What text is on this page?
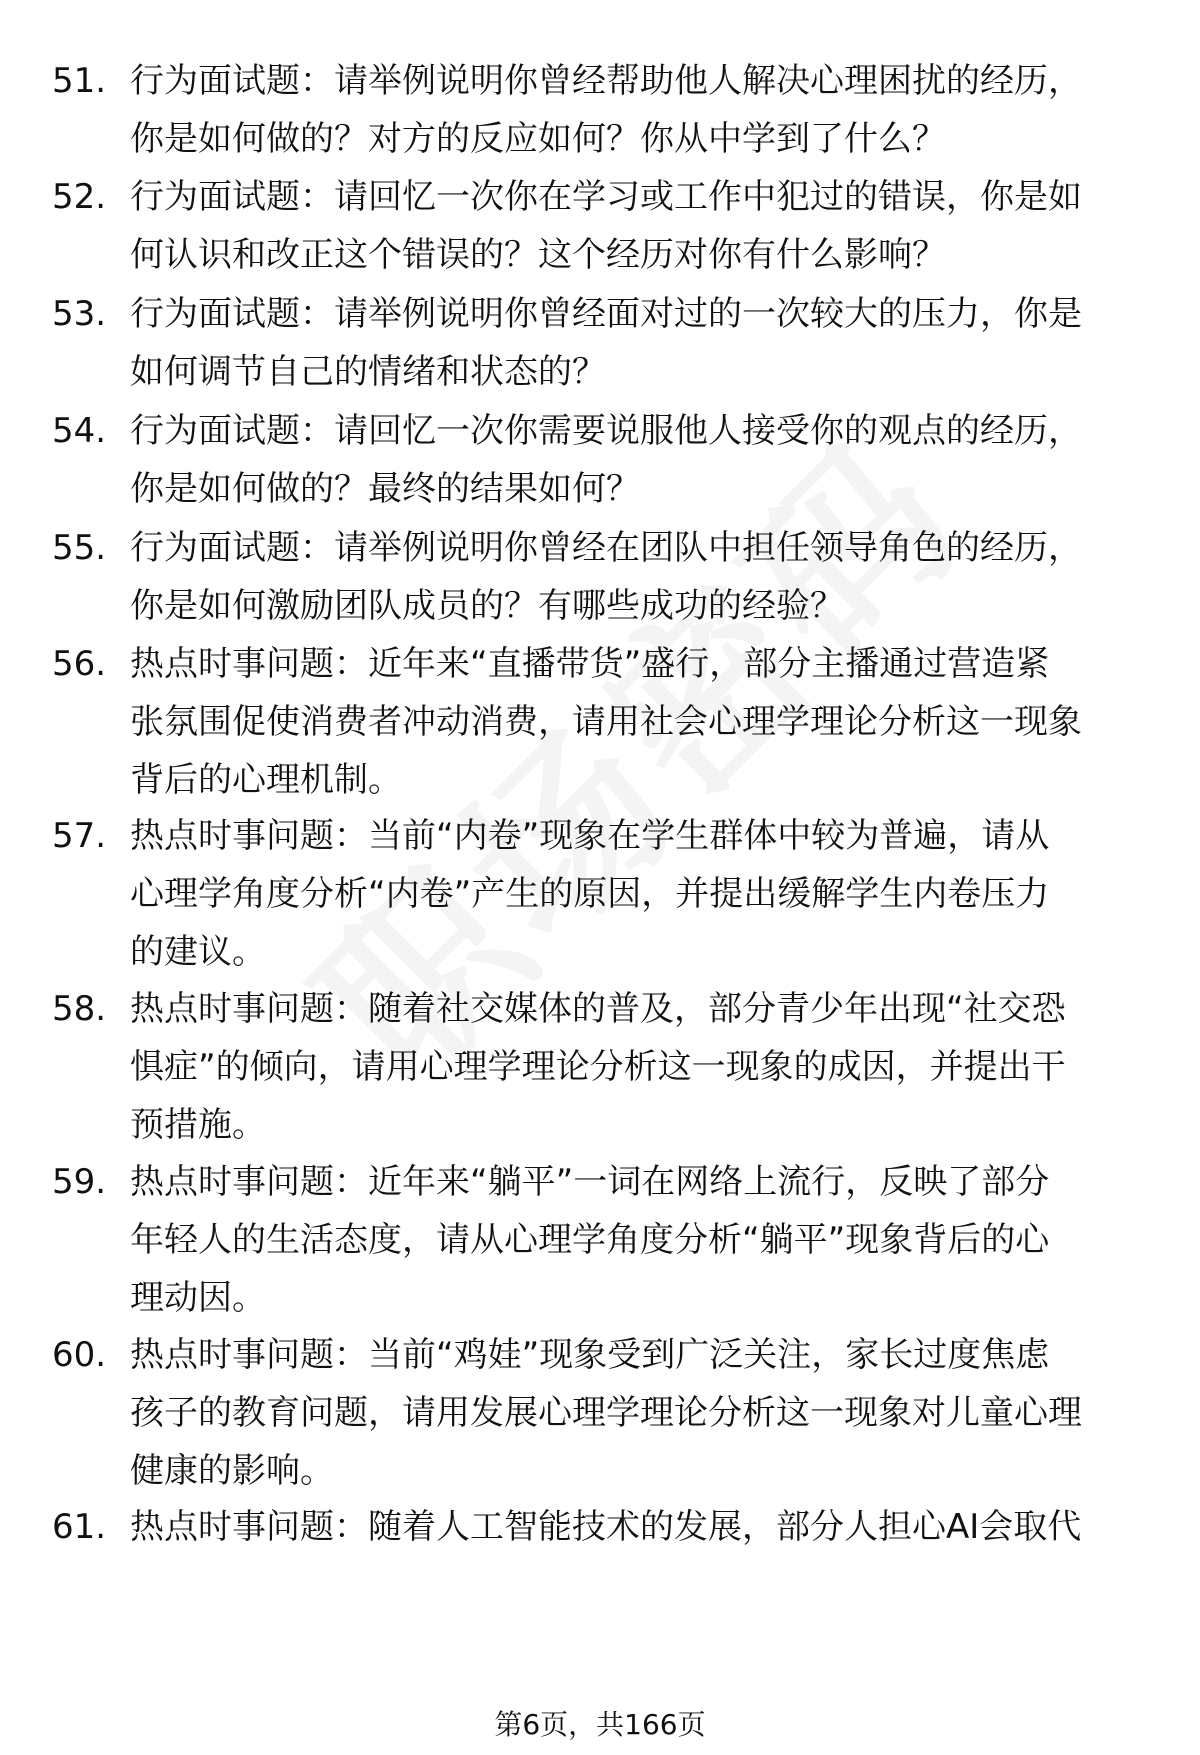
51. 行为面试题：请举例说明你曾经帮助他人解决心理困扰的经历，
你是如何做的？对方的反应如何？你从中学到了什么？
52. 行为面试题：请回忆一次你在学习或工作中犯过的错误，你是如
何认识和改正这个错误的？这个经历对你有什么影响？
53. 行为面试题：请举例说明你曾经面对过的一次较大的压力，你是
如何调节自己的情绪和状态的？
54. 行为面试题：请回忆一次你需要说服他人接受你的观点的经历，
你是如何做的？最终的结果如何？
55. 行为面试题：请举例说明你曾经在团队中担任领导角色的经历，
你是如何激励团队成员的？有哪些成功的经验？
56. 热点时事问题：近年来“直播带货”盛行，部分主播通过营造紧
张氛围促使消费者冲动消费，请用社会心理学理论分析这一现象
背后的心理机制。
57. 热点时事问题：当前“内卷”现象在学生群体中较为普遍，请从
心理学角度分析“内卷”产生的原因，并提出缓解学生内卷压力
的建议。
58. 热点时事问题：随着社交媒体的普及，部分青少年出现“社交恐
惧症”的倾向，请用心理学理论分析这一现象的成因，并提出干
预措施。
59. 热点时事问题：近年来“躺平”一词在网络上流行，反映了部分
年轻人的生活态度，请从心理学角度分析“躺平”现象背后的心
理动因。
60. 热点时事问题：当前“鸡娃”现象受到广泛关注，家长过度焦虑
孩子的教育问题，请用发展心理学理论分析这一现象对儿童心理
健康的影响。
61. 热点时事问题：随着人工智能技术的发展，部分人担心AI会取代
第6页，共166页
